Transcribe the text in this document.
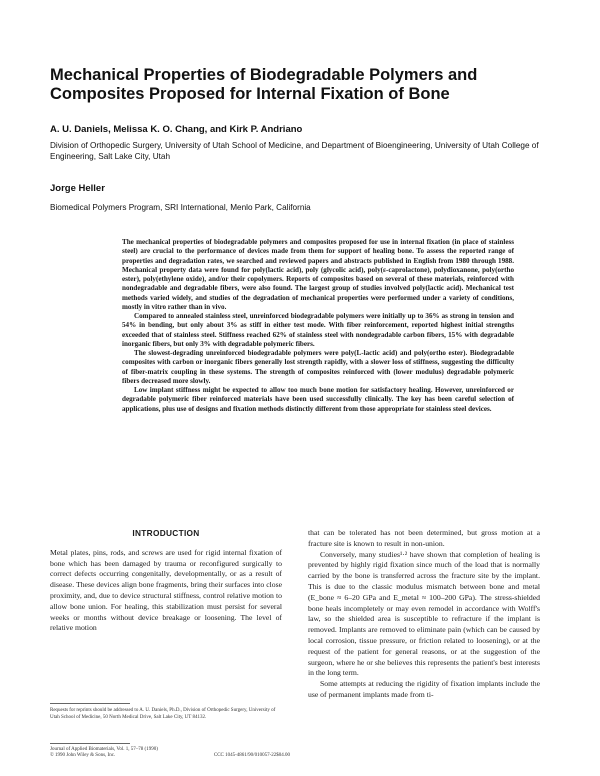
Mechanical Properties of Biodegradable Polymers and Composites Proposed for Internal Fixation of Bone
A. U. Daniels, Melissa K. O. Chang, and Kirk P. Andriano
Division of Orthopedic Surgery, University of Utah School of Medicine, and Department of Bioengineering, University of Utah College of Engineering, Salt Lake City, Utah
Jorge Heller
Biomedical Polymers Program, SRI International, Menlo Park, California

The mechanical properties of biodegradable polymers and composites proposed for use in internal fixation (in place of stainless steel) are crucial to the performance of devices made from them for support of healing bone. To assess the reported range of properties and degradation rates, we searched and reviewed papers and abstracts published in English from 1980 through 1988. Mechanical property data were found for poly(lactic acid), poly (glycolic acid), poly(ε-caprolactone), polydioxanone, poly(ortho ester), poly(ethylene oxide), and/or their copolymers. Reports of composites based on several of these materials, reinforced with nondegradable and degradable fibers, were also found. The largest group of studies involved poly(lactic acid). Mechanical test methods varied widely, and studies of the degradation of mechanical properties were performed under a variety of conditions, mostly in vitro rather than in vivo.

Compared to annealed stainless steel, unreinforced biodegradable polymers were initially up to 36% as strong in tension and 54% in bending, but only about 3% as stiff in either test mode. With fiber reinforcement, reported highest initial strengths exceeded that of stainless steel. Stiffness reached 62% of stainless steel with nondegradable carbon fibers, 15% with degradable inorganic fibers, but only 3% with degradable polymeric fibers.

The slowest-degrading unreinforced biodegradable polymers were poly(L-lactic acid) and poly(ortho ester). Biodegradable composites with carbon or inorganic fibers generally lost strength rapidly, with a slower loss of stiffness, suggesting the difficulty of fiber-matrix coupling in these systems. The strength of composites reinforced with (lower modulus) degradable polymeric fibers decreased more slowly.

Low implant stiffness might be expected to allow too much bone motion for satisfactory healing. However, unreinforced or degradable polymeric fiber reinforced materials have been used successfully clinically. The key has been careful selection of applications, plus use of designs and fixation methods distinctly different from those appropriate for stainless steel devices.

INTRODUCTION

Metal plates, pins, rods, and screws are used for rigid internal fixation of bone which has been damaged by trauma or reconfigured surgically to correct defects occurring congenitally, developmentally, or as a result of disease. These devices align bone fragments, bring their surfaces into close proximity, and, due to device structural stiffness, control relative motion to allow bone union. For healing, this stabilization must persist for several weeks or months without device breakage or loosening. The level of relative motion

that can be tolerated has not been determined, but gross motion at a fracture site is known to result in non-union.

Conversely, many studies¹·² have shown that completion of healing is prevented by highly rigid fixation since much of the load that is normally carried by the bone is transferred across the fracture site by the implant. This is due to the classic modulus mismatch between bone and metal (E_bone ≈ 6–20 GPa and E_metal ≈ 100–200 GPa). The stress-shielded bone heals incompletely or may even remodel in accordance with Wolff's law, so the shielded area is susceptible to refracture if the implant is removed. Implants are removed to eliminate pain (which can be caused by local corrosion, tissue pressure, or friction related to loosening), or at the request of the patient for general reasons, or at the suggestion of the surgeon, where he or she believes this represents the patient's best interests in the long term.

Some attempts at reducing the rigidity of fixation implants include the use of permanent implants made from ti-

Requests for reprints should be addressed to A. U. Daniels, Ph.D., Division of Orthopedic Surgery, University of Utah School of Medicine, 50 North Medical Drive, Salt Lake City, UT 84132.
Journal of Applied Biomaterials, Vol. 1, 57–78 (1990)
© 1990 John Wiley & Sons, Inc.	CCC 1045-4861/90/010057-22$04.00
